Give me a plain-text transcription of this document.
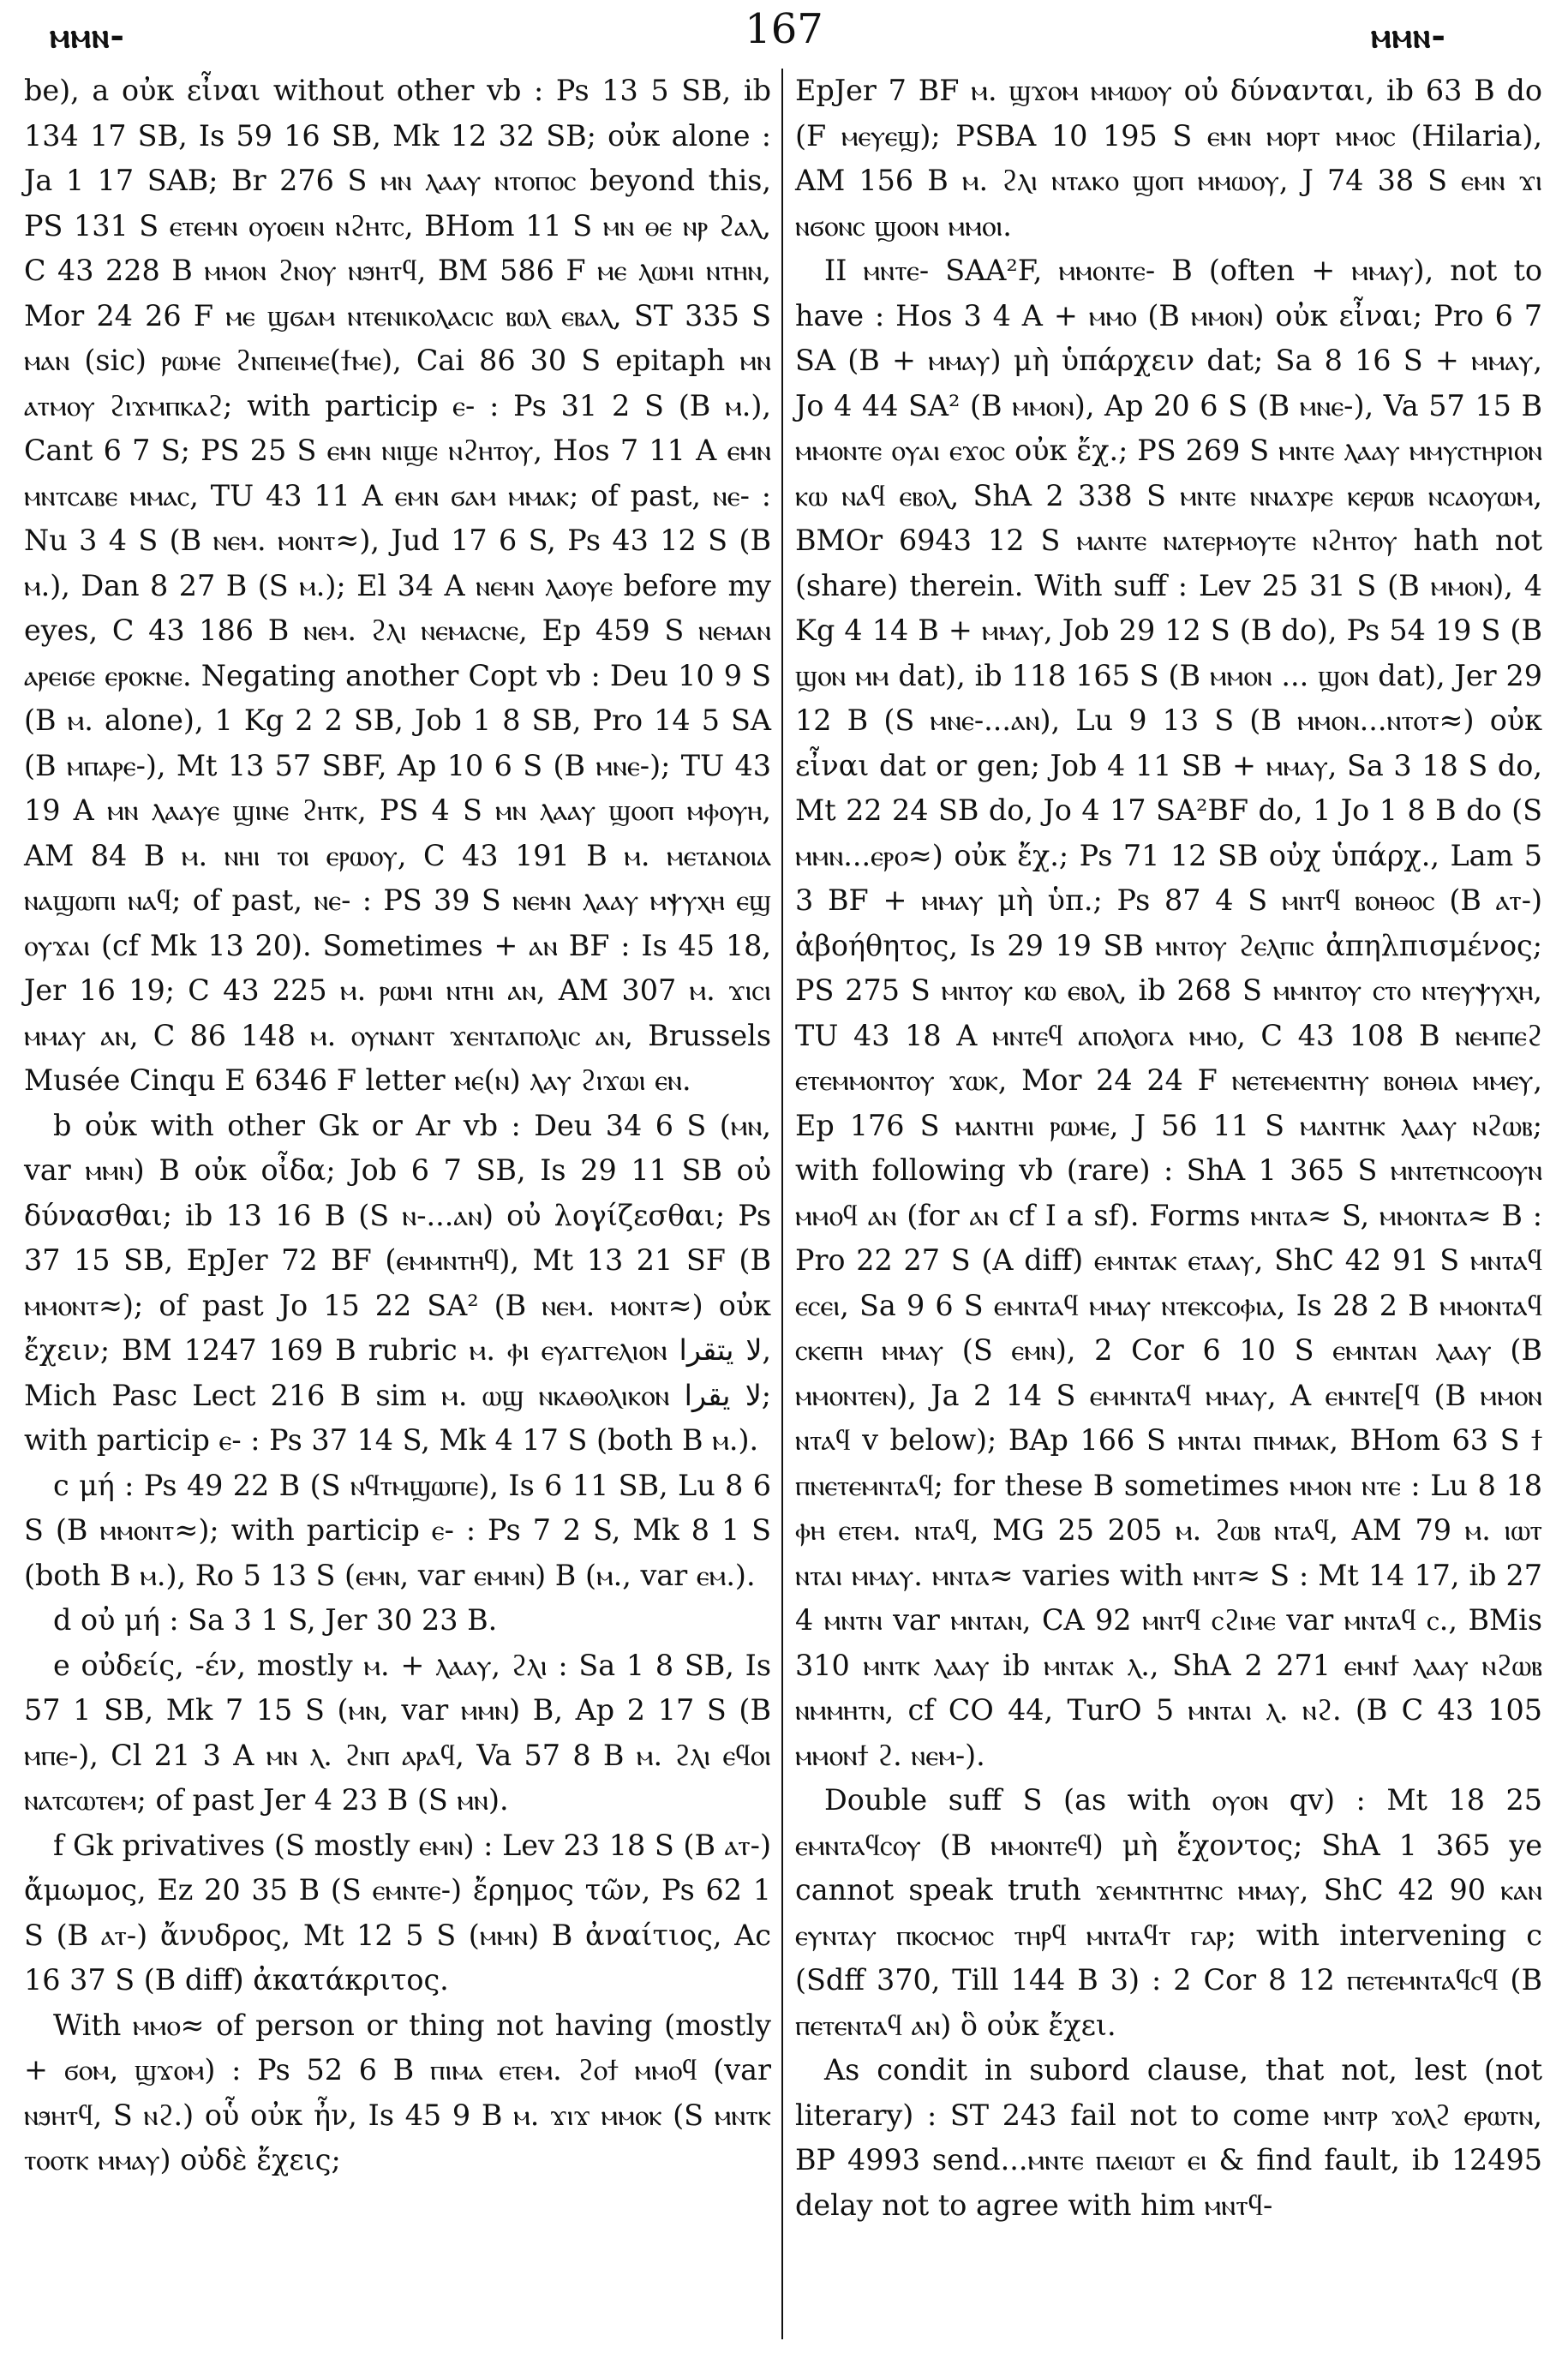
ⲙⲙⲛ-	167	ⲙⲙⲛ-

be), a οὐκ εἶναι without other vb : Ps 13 5 SB, ib 134 17 SB, Is 59 16 SB, Mk 12 32 SB; οὐκ alone : Ja 1 17 SAB; Br 276 S ⲙⲛ ⲗⲁⲁⲩ ⲛⲧⲟⲡⲟⲥ beyond this, PS 131 S ⲉⲧⲉⲙⲛ ⲟⲩⲟⲉⲓⲛ ⲛϩⲏⲧⲥ, BHom 11 S ⲙⲛ ⲑⲉ ⲛⲣ ϩⲁⲗ, C 43 228 B ⲙⲙⲟⲛ ϩⲛⲟⲩ ⲛϧⲏⲧϥ, BM 586 F ⲙⲉ ⲗⲱⲙⲓ ⲛⲧⲏⲛ, Mor 24 26 F ⲙⲉ ϣϭⲁⲙ ⲛⲧⲉⲛⲓⲕⲟⲗⲁⲥⲓⲥ ⲃⲱⲗ ⲉⲃⲁⲗ, ST 335 S ⲙⲁⲛ (sic) ⲣⲱⲙⲉ ϩⲛⲡⲉⲓⲙⲉ(ϯⲙⲉ), Cai 86 30 S epitaph ⲙⲛ ⲁⲧⲙⲟⲩ ϩⲓϫⲙⲡⲕⲁϩ; with particip ⲉ- : Ps 31 2 S (B ⲙ.), Cant 6 7 S; PS 25 S ⲉⲙⲛ ⲛⲓϣⲉ ⲛϩⲏⲧⲟⲩ, Hos 7 11 A ⲉⲙⲛ ⲙⲛⲧⲥⲁⲃⲉ ⲙⲙⲁⲥ, TU 43 11 A ⲉⲙⲛ ϭⲁⲙ ⲙⲙⲁⲕ; of past, ⲛⲉ- : Nu 3 4 S (B ⲛⲉⲙ. ⲙⲟⲛⲧ≈), Jud 17 6 S, Ps 43 12 S (B ⲙ.), Dan 8 27 B (S ⲙ.); El 34 A ⲛⲉⲙⲛ ⲗⲁⲟⲩⲉ before my eyes, C 43 186 B ⲛⲉⲙ. ϩⲗⲓ ⲛⲉⲙⲁⲥⲛⲉ, Ep 459 S ⲛⲉⲙⲁⲛ ⲁⲣⲉⲓϭⲉ ⲉⲣⲟⲕⲛⲉ. Negating another Copt vb : Deu 10 9 S (B ⲙ. alone), 1 Kg 2 2 SB, Job 1 8 SB, Pro 14 5 SA (B ⲙⲡⲁⲣⲉ-), Mt 13 57 SBF, Ap 10 6 S (B ⲙⲛⲉ-); TU 43 19 A ⲙⲛ ⲗⲁⲁⲩⲉ ϣⲓⲛⲉ ϩⲏⲧⲕ, PS 4 S ⲙⲛ ⲗⲁⲁⲩ ϣⲟⲟⲡ ⲙⲫⲟⲩⲏ, AM 84 B ⲙ. ⲛⲏⲓ ⲧⲟⲓ ⲉⲣⲱⲟⲩ, C 43 191 B ⲙ. ⲙⲉⲧⲁⲛⲟⲓⲁ ⲛⲁϣⲱⲡⲓ ⲛⲁϥ; of past, ⲛⲉ- : PS 39 S ⲛⲉⲙⲛ ⲗⲁⲁⲩ ⲙⲯⲩⲭⲏ ⲉϣ ⲟⲩϫⲁⲓ (cf Mk 13 20). Sometimes + ⲁⲛ BF : Is 45 18, Jer 16 19; C 43 225 ⲙ. ⲣⲱⲙⲓ ⲛⲧⲏⲓ ⲁⲛ, AM 307 ⲙ. ϫⲓⲥⲓ ⲙⲙⲁⲩ ⲁⲛ, C 86 148 ⲙ. ⲟⲩⲛⲁⲛⲧ ϫⲉⲛⲧⲁⲡⲟⲗⲓⲥ ⲁⲛ, Brussels Musée Cinqu E 6346 F letter ⲙⲉ(ⲛ) ⲗⲁⲩ ϩⲓϫⲱⲓ ⲉⲛ.

b οὐκ with other Gk or Ar vb : Deu 34 6 S (ⲙⲛ, var ⲙⲙⲛ) B οὐκ οἶδα; Job 6 7 SB, Is 29 11 SB οὐ δύνασθαι; ib 13 16 B (S ⲛ-...ⲁⲛ) οὐ λογίζεσθαι; Ps 37 15 SB, EpJer 72 BF (ⲉⲙⲙⲛⲧⲏϥ), Mt 13 21 SF (B ⲙⲙⲟⲛⲧ≈); of past Jo 15 22 SA² (B ⲛⲉⲙ. ⲙⲟⲛⲧ≈) οὐκ ἔχειν; BM 1247 169 B rubric ⲙ. ⲫⲓ ⲉⲩⲁⲅⲅⲉⲗⲓⲟⲛ لا يتقرا, Mich Pasc Lect 216 B sim ⲙ. ⲱϣ ⲛⲕⲁⲑⲟⲗⲓⲕⲟⲛ لا يقرا; with particip ⲉ- : Ps 37 14 S, Mk 4 17 S (both B ⲙ.).

c μή : Ps 49 22 B (S ⲛϥⲧⲙϣⲱⲡⲉ), Is 6 11 SB, Lu 8 6 S (B ⲙⲙⲟⲛⲧ≈); with particip ⲉ- : Ps 7 2 S, Mk 8 1 S (both B ⲙ.), Ro 5 13 S (ⲉⲙⲛ, var ⲉⲙⲙⲛ) B (ⲙ., var ⲉⲙ.).

d οὐ μή : Sa 3 1 S, Jer 30 23 B.

e οὐδείς, -έν, mostly ⲙ. + ⲗⲁⲁⲩ, ϩⲗⲓ : Sa 1 8 SB, Is 57 1 SB, Mk 7 15 S (ⲙⲛ, var ⲙⲙⲛ) B, Ap 2 17 S (B ⲙⲡⲉ-), Cl 21 3 A ⲙⲛ ⲗ. ϩⲛⲡ ⲁⲣⲁϥ, Va 57 8 B ⲙ. ϩⲗⲓ ⲉϥⲟⲓ ⲛⲁⲧⲥⲱⲧⲉⲙ; of past Jer 4 23 B (S ⲙⲛ).

f Gk privatives (S mostly ⲉⲙⲛ) : Lev 23 18 S (B ⲁⲧ-) ἄμωμος, Ez 20 35 B (S ⲉⲙⲛⲧⲉ-) ἔρημος τῶν, Ps 62 1 S (B ⲁⲧ-) ἄνυδρος, Mt 12 5 S (ⲙⲙⲛ) B ἀναίτιος, Ac 16 37 S (B diff) ἀκατάκριτος.

With ⲙⲙⲟ≈ of person or thing not having (mostly + ϭⲟⲙ, ϣϫⲟⲙ) : Ps 52 6 B ⲡⲓⲙⲁ ⲉⲧⲉⲙ. ϩⲟϯ ⲙⲙⲟϥ (var ⲛϧⲏⲧϥ, S ⲛϩ.) οὗ οὐκ ἦν, Is 45 9 B ⲙ. ϫⲓϫ ⲙⲙⲟⲕ (S ⲙⲛⲧⲕ ⲧⲟⲟⲧⲕ ⲙⲙⲁⲩ) οὐδὲ ἔχεις;

EpJer 7 BF ⲙ. ϣϫⲟⲙ ⲙⲙⲱⲟⲩ οὐ δύνανται, ib 63 B do (F ⲙⲉⲩⲉϣ); PSBA 10 195 S ⲉⲙⲛ ⲙⲟⲣⲧ ⲙⲙⲟⲥ (Hilaria), AM 156 B ⲙ. ϩⲗⲓ ⲛⲧⲁⲕⲟ ϣⲟⲡ ⲙⲙⲱⲟⲩ, J 74 38 S ⲉⲙⲛ ϫⲓ ⲛϭⲟⲛⲥ ϣⲟⲟⲛ ⲙⲙⲟⲓ.

II ⲙⲛⲧⲉ- SAA²F, ⲙⲙⲟⲛⲧⲉ- B (often + ⲙⲙⲁⲩ), not to have : Hos 3 4 A + ⲙⲙⲟ (B ⲙⲙⲟⲛ) οὐκ εἶναι; Pro 6 7 SA (B + ⲙⲙⲁⲩ) μὴ ὑπάρχειν dat; Sa 8 16 S + ⲙⲙⲁⲩ, Jo 4 44 SA² (B ⲙⲙⲟⲛ), Ap 20 6 S (B ⲙⲛⲉ-), Va 57 15 B ⲙⲙⲟⲛⲧⲉ ⲟⲩⲁⲓ ⲉϫⲟⲥ οὐκ ἔχ.; PS 269 S ⲙⲛⲧⲉ ⲗⲁⲁⲩ ⲙⲙⲩⲥⲧⲏⲣⲓⲟⲛ ⲕⲱ ⲛⲁϥ ⲉⲃⲟⲗ, ShA 2 338 S ⲙⲛⲧⲉ ⲛⲛⲁϫⲣⲉ ⲕⲉⲣⲱⲃ ⲛⲥⲁⲟⲩⲱⲙ, BMOr 6943 12 S ⲙⲁⲛⲧⲉ ⲛⲁⲧⲉⲣⲙⲟⲩⲧⲉ ⲛϩⲏⲧⲟⲩ hath not (share) therein. With suff : Lev 25 31 S (B ⲙⲙⲟⲛ), 4 Kg 4 14 B + ⲙⲙⲁⲩ, Job 29 12 S (B do), Ps 54 19 S (B ϣⲟⲛ ⲙⲙ dat), ib 118 165 S (B ⲙⲙⲟⲛ ... ϣⲟⲛ dat), Jer 29 12 B (S ⲙⲛⲉ-...ⲁⲛ), Lu 9 13 S (B ⲙⲙⲟⲛ...ⲛⲧⲟⲧ≈) οὐκ εἶναι dat or gen; Job 4 11 SB + ⲙⲙⲁⲩ, Sa 3 18 S do, Mt 22 24 SB do, Jo 4 17 SA²BF do, 1 Jo 1 8 B do (S ⲙⲙⲛ...ⲉⲣⲟ≈) οὐκ ἔχ.; Ps 71 12 SB οὐχ ὑπάρχ., Lam 5 3 BF + ⲙⲙⲁⲩ μὴ ὑπ.; Ps 87 4 S ⲙⲛⲧϥ ⲃⲟⲏⲑⲟⲥ (B ⲁⲧ-) ἀβοήθητος, Is 29 19 SB ⲙⲛⲧⲟⲩ ϩⲉⲗⲡⲓⲥ ἀπηλπισμένος; PS 275 S ⲙⲛⲧⲟⲩ ⲕⲱ ⲉⲃⲟⲗ, ib 268 S ⲙⲙⲛⲧⲟⲩ ⲥⲧⲟ ⲛⲧⲉⲩⲯⲩⲭⲏ, TU 43 18 A ⲙⲛⲧⲉϥ ⲁⲡⲟⲗⲟⲅⲁ ⲙⲙⲟ, C 43 108 B ⲛⲉⲙⲡⲉϩ ⲉⲧⲉⲙⲙⲟⲛⲧⲟⲩ ϫⲱⲕ, Mor 24 24 F ⲛⲉⲧⲉⲙⲉⲛⲧⲏⲩ ⲃⲟⲏⲑⲓⲁ ⲙⲙⲉⲩ, Ep 176 S ⲙⲁⲛⲧⲏⲓ ⲣⲱⲙⲉ, J 56 11 S ⲙⲁⲛⲧⲏⲕ ⲗⲁⲁⲩ ⲛϩⲱⲃ; with following vb (rare) : ShA 1 365 S ⲙⲛⲧⲉⲧⲛⲥⲟⲟⲩⲛ ⲙⲙⲟϥ ⲁⲛ (for ⲁⲛ cf I a sf). Forms ⲙⲛⲧⲁ≈ S, ⲙⲙⲟⲛⲧⲁ≈ B : Pro 22 27 S (A diff) ⲉⲙⲛⲧⲁⲕ ⲉⲧⲁⲁⲩ, ShC 42 91 S ⲙⲛⲧⲁϥ ⲉⲥⲉⲓ, Sa 9 6 S ⲉⲙⲛⲧⲁϥ ⲙⲙⲁⲩ ⲛⲧⲉⲕⲥⲟⲫⲓⲁ, Is 28 2 B ⲙⲙⲟⲛⲧⲁϥ ⲥⲕⲉⲡⲏ ⲙⲙⲁⲩ (S ⲉⲙⲛ), 2 Cor 6 10 S ⲉⲙⲛⲧⲁⲛ ⲗⲁⲁⲩ (B ⲙⲙⲟⲛⲧⲉⲛ), Ja 2 14 S ⲉⲙⲙⲛⲧⲁϥ ⲙⲙⲁⲩ, A ⲉⲙⲛⲧⲉ[ϥ (B ⲙⲙⲟⲛ ⲛⲧⲁϥ v below); BAp 166 S ⲙⲛⲧⲁⲓ ⲡⲙⲙⲁⲕ, BHom 63 S ϯ ⲡⲛⲉⲧⲉⲙⲛⲧⲁϥ; for these B sometimes ⲙⲙⲟⲛ ⲛⲧⲉ : Lu 8 18 ⲫⲏ ⲉⲧⲉⲙ. ⲛⲧⲁϥ, MG 25 205 ⲙ. ϩⲱⲃ ⲛⲧⲁϥ, AM 79 ⲙ. ⲓⲱⲧ ⲛⲧⲁⲓ ⲙⲙⲁⲩ. ⲙⲛⲧⲁ≈ varies with ⲙⲛⲧ≈ S : Mt 14 17, ib 27 4 ⲙⲛⲧⲛ var ⲙⲛⲧⲁⲛ, CA 92 ⲙⲛⲧϥ ⲥϩⲓⲙⲉ var ⲙⲛⲧⲁϥ ⲥ., BMis 310 ⲙⲛⲧⲕ ⲗⲁⲁⲩ ib ⲙⲛⲧⲁⲕ ⲗ., ShA 2 271 ⲉⲙⲛϯ ⲗⲁⲁⲩ ⲛϩⲱⲃ ⲛⲙⲙⲏⲧⲛ, cf CO 44, TurO 5 ⲙⲛⲧⲁⲓ ⲗ. ⲛϩ. (B C 43 105 ⲙⲙⲟⲛϯ ϩ. ⲛⲉⲙ-).

Double suff S (as with ⲟⲩⲟⲛ qv) : Mt 18 25 ⲉⲙⲛⲧⲁϥⲥⲟⲩ (B ⲙⲙⲟⲛⲧⲉϥ) μὴ ἔχοντος; ShA 1 365 ye cannot speak truth ϫⲉⲙⲛⲧⲏⲧⲛⲥ ⲙⲙⲁⲩ, ShC 42 90 ⲕⲁⲛ ⲉⲩⲛⲧⲁⲩ ⲡⲕⲟⲥⲙⲟⲥ ⲧⲏⲣϥ ⲙⲛⲧⲁϥⲧ ⲅⲁⲣ; with intervening c (Sdff 370, Till 144 B 3) : 2 Cor 8 12 ⲡⲉⲧⲉⲙⲛⲧⲁϥⲥϥ (B ⲡⲉⲧⲉⲛⲧⲁϥ ⲁⲛ) ὃ οὐκ ἔχει.

As condit in subord clause, that not, lest (not literary) : ST 243 fail not to come ⲙⲛⲧⲣ ϫⲟⲗϩ ⲉⲣⲱⲧⲛ, BP 4993 send...ⲙⲛⲧⲉ ⲡⲁⲉⲓⲱⲧ ⲉⲓ & find fault, ib 12495 delay not to agree with him ⲙⲛⲧϥ-
